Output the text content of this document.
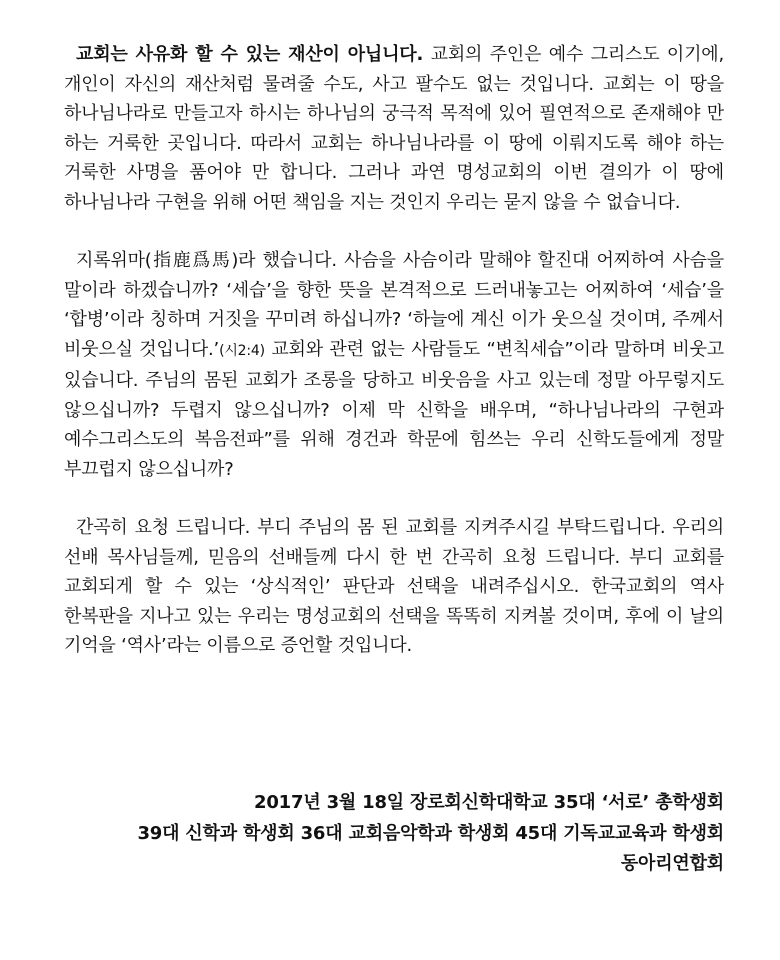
교회는 사유화 할 수 있는 재산이 아닙니다. 교회의 주인은 예수 그리스도 이기에, 개인이 자신의 재산처럼 물려줄 수도, 사고 팔수도 없는 것입니다. 교회는 이 땅을 하나님나라로 만들고자 하시는 하나님의 궁극적 목적에 있어 필연적으로 존재해야 만 하는 거룩한 곳입니다. 따라서 교회는 하나님나라를 이 땅에 이뤄지도록 해야 하는 거룩한 사명을 품어야 만 합니다. 그러나 과연 명성교회의 이번 결의가 이 땅에 하나님나라 구현을 위해 어떤 책임을 지는 것인지 우리는 묻지 않을 수 없습니다.

지록위마(指鹿爲馬)라 했습니다. 사슴을 사슴이라 말해야 할진대 어찌하여 사슴을 말이라 하겠습니까? ‘세습’을 향한 뜻을 본격적으로 드러내놓고는 어찌하여 ‘세습’을 ‘합병’이라 칭하며 거짓을 꾸미려 하십니까? ‘하늘에 계신 이가 웃으실 것이며, 주께서 비웃으실 것입니다.’(시2:4) 교회와 관련 없는 사람들도 “변칙세습”이라 말하며 비웃고 있습니다. 주님의 몸된 교회가 조롱을 당하고 비웃음을 사고 있는데 정말 아무렇지도 않으십니까? 두렵지 않으십니까? 이제 막 신학을 배우며, “하나님나라의 구현과 예수그리스도의 복음전파”를 위해 경건과 학문에 힘쓰는 우리 신학도들에게 정말 부끄럽지 않으십니까?

간곡히 요청 드립니다. 부디 주님의 몸 된 교회를 지켜주시길 부탁드립니다. 우리의 선배 목사님들께, 믿음의 선배들께 다시 한 번 간곡히 요청 드립니다. 부디 교회를 교회되게 할 수 있는 ‘상식적인’ 판단과 선택을 내려주십시오. 한국교회의 역사 한복판을 지나고 있는 우리는 명성교회의 선택을 똑똑히 지켜볼 것이며, 후에 이 날의 기억을 ‘역사’라는 이름으로 증언할 것입니다.

2017년 3월 18일 장로회신학대학교 35대 ‘서로’ 총학생회
39대 신학과 학생회 36대 교회음악학과 학생회 45대 기독교교육과 학생회
동아리연합회
